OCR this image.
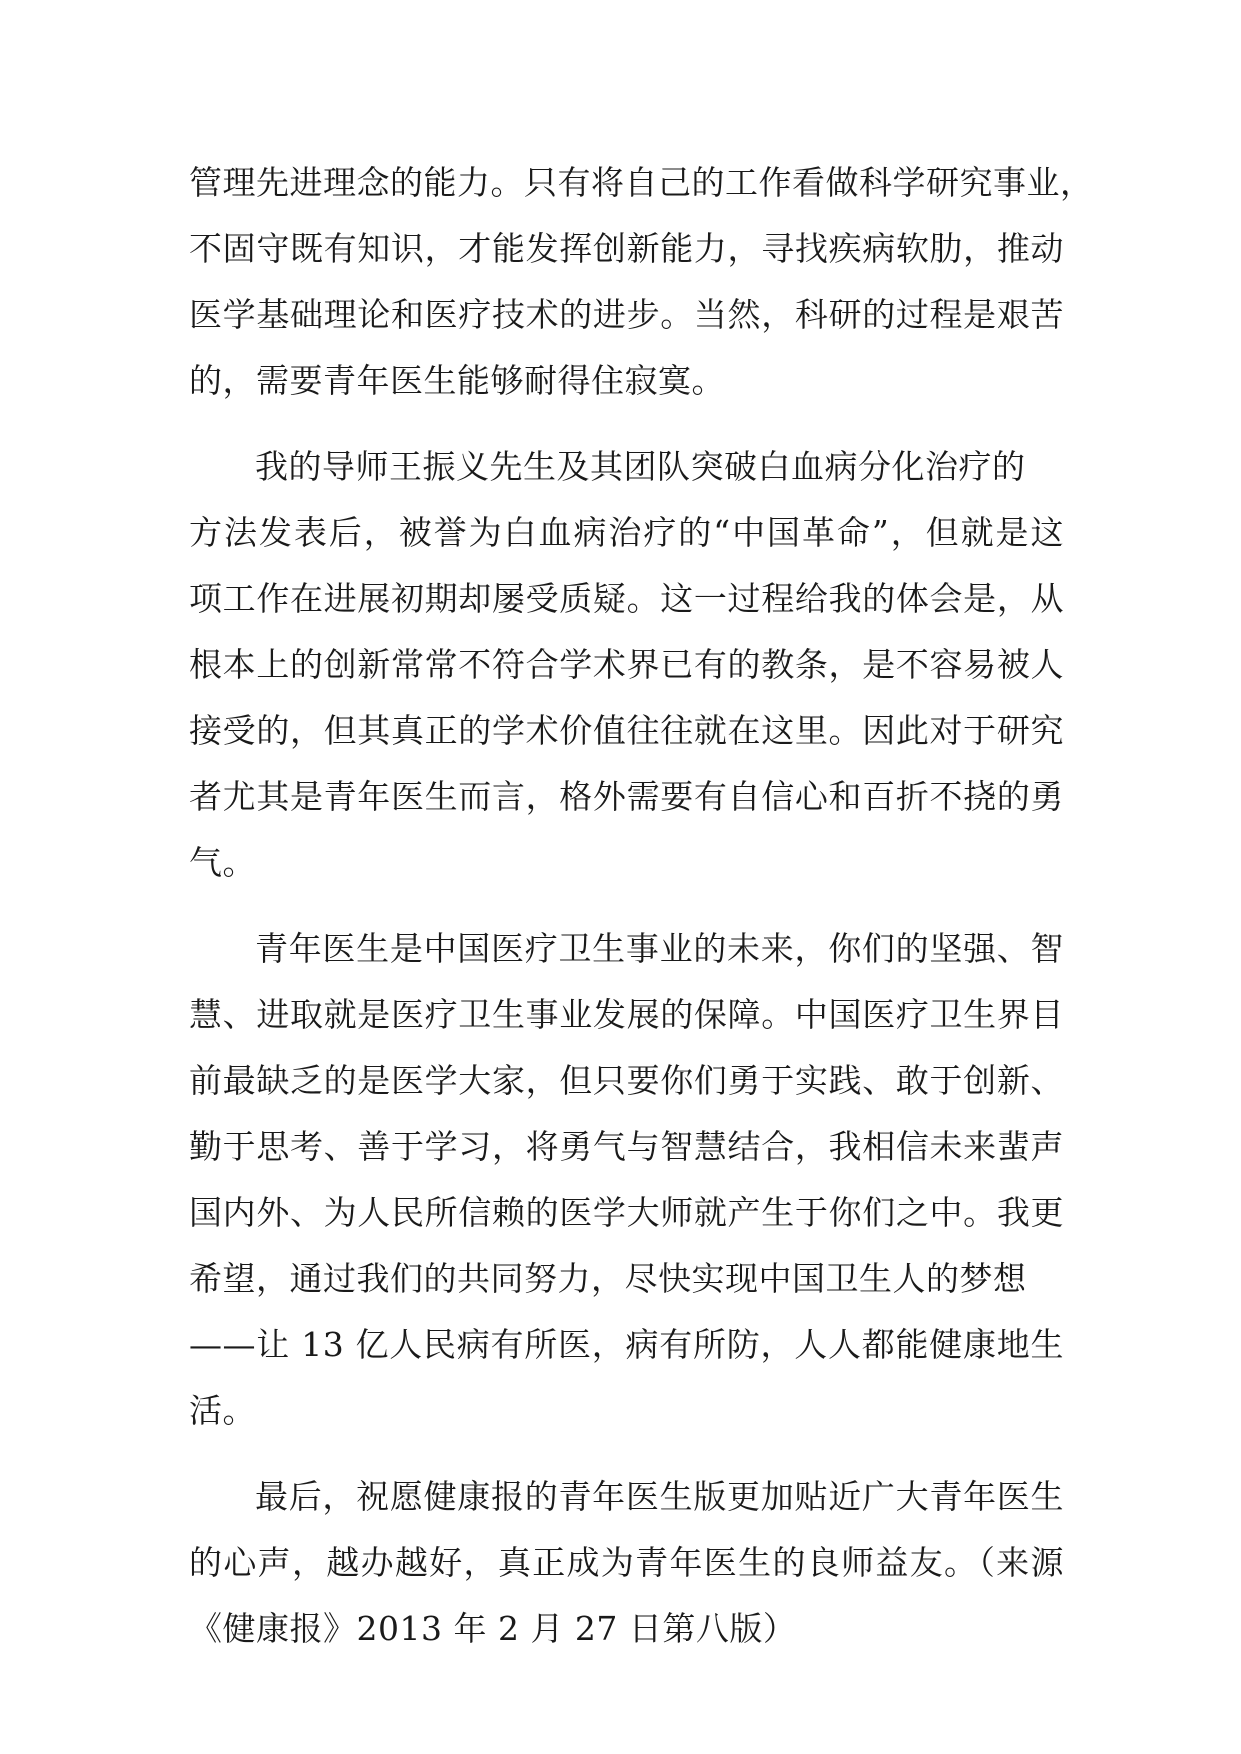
管理先进理念的能力。只有将自己的工作看做科学研究事业，
不固守既有知识，才能发挥创新能力，寻找疾病软肋，推动
医学基础理论和医疗技术的进步。当然，科研的过程是艰苦
的，需要青年医生能够耐得住寂寞。
我的导师王振义先生及其团队突破白血病分化治疗的
方法发表后，被誉为白血病治疗的“中国革命”，但就是这
项工作在进展初期却屡受质疑。这一过程给我的体会是，从
根本上的创新常常不符合学术界已有的教条，是不容易被人
接受的，但其真正的学术价值往往就在这里。因此对于研究
者尤其是青年医生而言，格外需要有自信心和百折不挠的勇
气。
青年医生是中国医疗卫生事业的未来，你们的坚强、智
慧、进取就是医疗卫生事业发展的保障。中国医疗卫生界目
前最缺乏的是医学大家，但只要你们勇于实践、敢于创新、
勤于思考、善于学习，将勇气与智慧结合，我相信未来蜚声
国内外、为人民所信赖的医学大师就产生于你们之中。我更
希望，通过我们的共同努力，尽快实现中国卫生人的梦想
——让 13 亿人民病有所医，病有所防，人人都能健康地生
活。
最后，祝愿健康报的青年医生版更加贴近广大青年医生
的心声，越办越好，真正成为青年医生的良师益友。（来源
《健康报》2013 年 2 月 27 日第八版）
